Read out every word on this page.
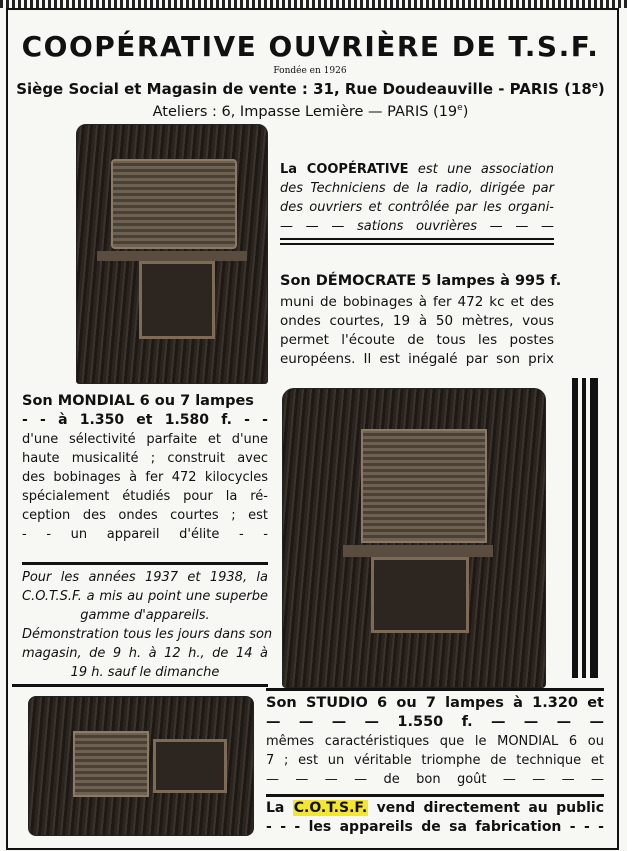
COOPÉRATIVE OUVRIÈRE DE T.S.F.
Fondée en 1926
Siège Social et Magasin de vente : 31, Rue Doudeauville - PARIS (18e)
Ateliers : 6, Impasse Lemière — PARIS (19e)

La COOPÉRATIVE est une association

des Techniciens de la radio, dirigée par

des ouvriers et contrôlée par les organi-

— — — sations ouvrières — — —

Son DÉMOCRATE 5 lampes à 995 f.

muni de bobinages à fer 472 kc et des

ondes courtes, 19 à 50 mètres, vous

permet l'écoute de tous les postes

européens. Il est inégalé par son prix

Son MONDIAL 6 ou 7 lampes

- - à 1.350 et 1.580 f. - -

d'une sélectivité parfaite et d'une

haute musicalité ; construit avec

des bobinages à fer 472 kilocycles

spécialement étudiés pour la ré-

ception des ondes courtes ; est

- - un appareil d'élite - -

Pour les années 1937 et 1938, la

C.O.T.S.F. a mis au point une superbe

gamme d'appareils.

Démonstration tous les jours dans son

magasin, de 9 h. à 12 h., de 14 à

19 h. sauf le dimanche

Son STUDIO 6 ou 7 lampes à 1.320 et

— — — — 1.550 f. — — — —

mêmes caractéristiques que le MONDIAL 6 ou

7 ; est un véritable triomphe de technique et

— — — — de bon goût — — — —

La C.O.T.S.F. vend directement au public

- - - les appareils de sa fabrication - - -
